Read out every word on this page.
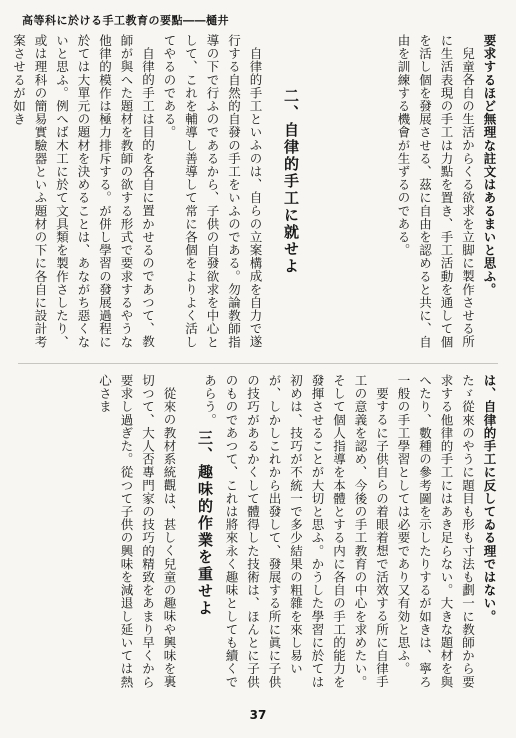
高等科に於ける手工教育の要點――樋井

要求するほど無理な註文はあるまいと思ふ。

兒童各自の生活からくる欲求を立脚に製作させる所に生活表現の手工は力點を置き、手工活動を通して個を活し個を發展させる、茲に自由を認めると共に、自由を訓練する機會が生ずるのである。

二、自律的手工に就せよ

自律的手工といふのは、自らの立案構成を自力で遂行する自然的自發の手工をいふのである。勿論教師指導の下で行ふのであるから、子供の自發欲求を中心として、これを輔導し善導して常に各個をよりよく活してやるのである。

自律的手工は目的を各自に置かせるのであつて、教師が與へた題材を教師の欲する形式で要求するやうな他律的模作は極力排斥する。が併し學習の發展過程に於ては大單元の題材を決めることは、あながち惡くないと思ふ。例へば木工に於て文具類を製作さしたり、或は理科の簡易實驗器といふ題材の下に各自に設計考案させるが如き

は、自律的手工に反してゐる理ではない。

たゞ從來のやうに題目も形も寸法も劃一に教師から要求する他律的手工にはあき足らない。大きな題材を與へたり、數種の參考圖を示したりするが如きは、寧ろ一般の手工學習としては必要であり又有効と思ふ。

要するに子供自らの着眼着想で活效する所に自律手工の意義を認め、今後の手工教育の中心を求めたい。そして個人指導を本體とする内に各自の手工的能力を發揮させることが大切と思ふ。かうした學習に於ては初めは、技巧が不統一で多少結果の粗雜を來し易いが、しかしこれから出發して、發展する所に眞に子供の技巧があるかくして體得した技術は、ほんとに子供のものであつて、これは將來永く趣味としても續くであらう。

三、趣味的作業を重せよ

從來の教材系統觀は、甚しく兒童の趣味や興味を裏切つて、大人否專門家の技巧的精致をあまり早くから要求し過ぎた。從つて子供の興味を減退し延いては熱心さま

37
